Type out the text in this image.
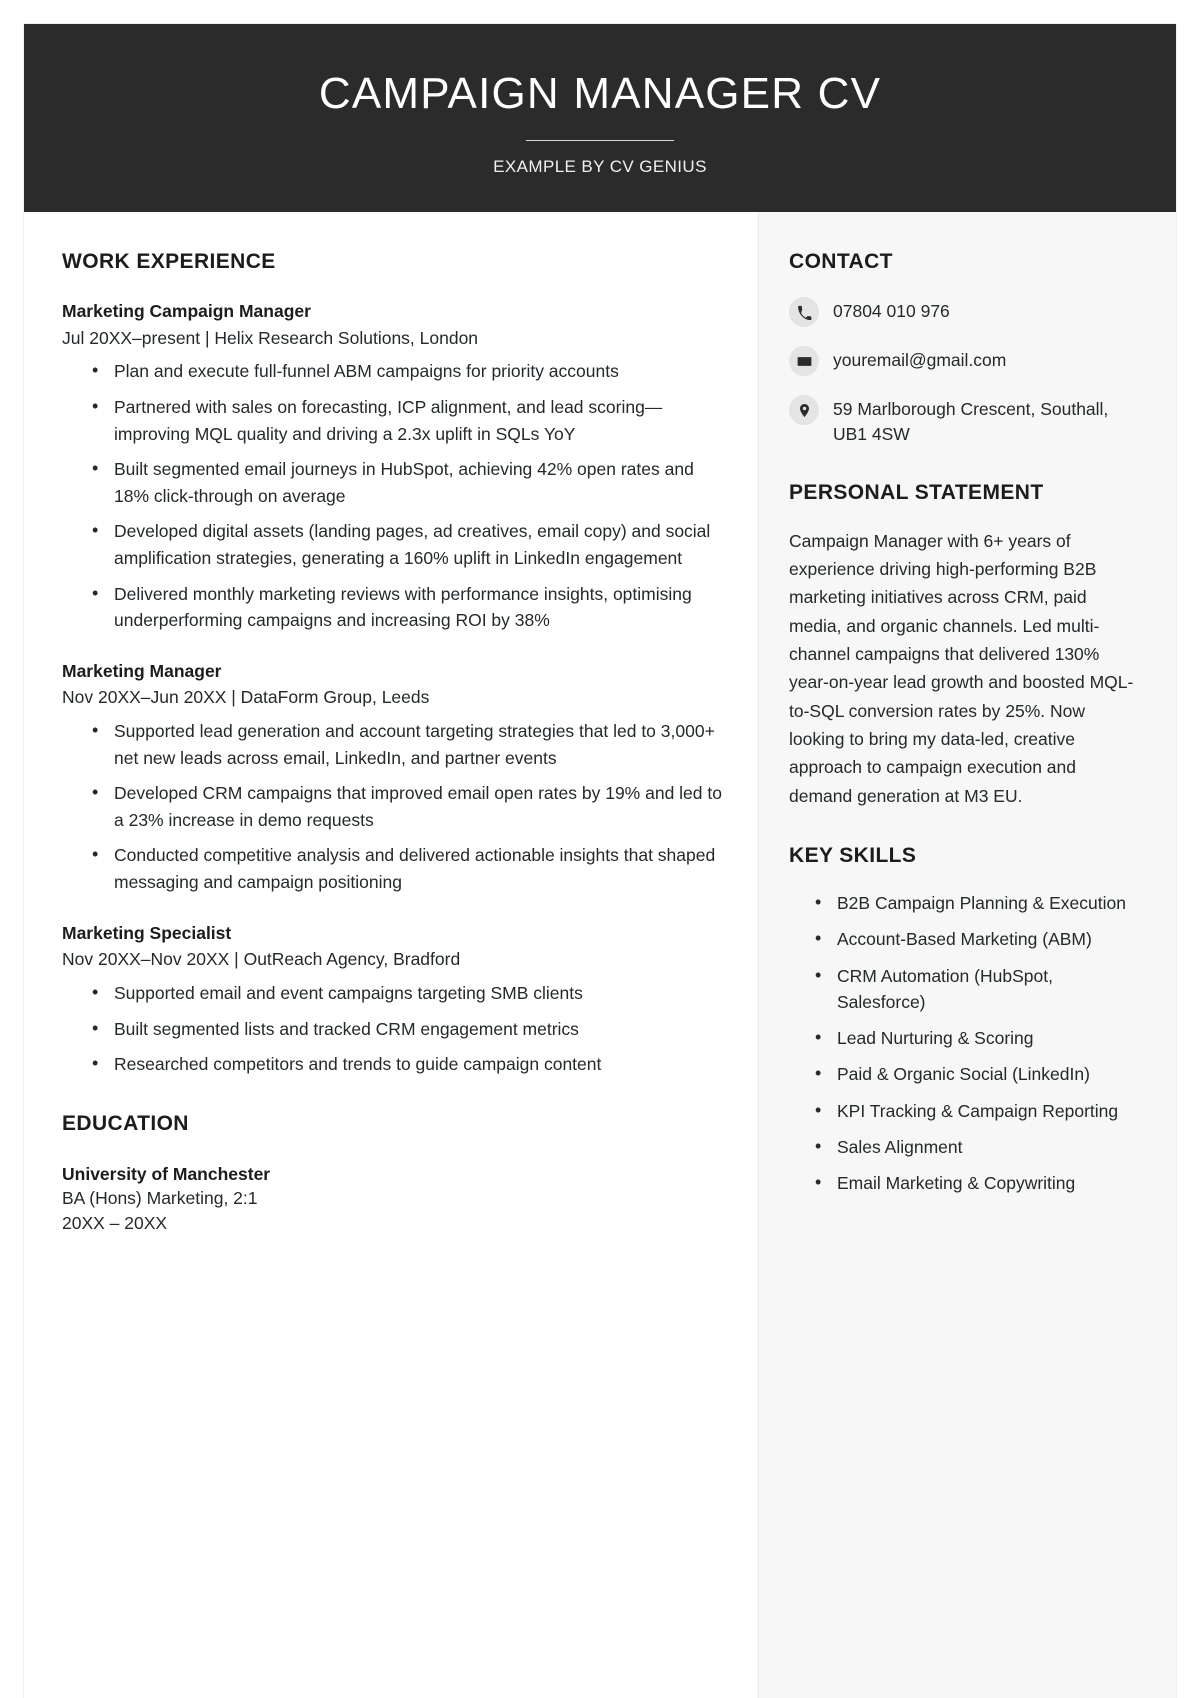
CAMPAIGN MANAGER CV
EXAMPLE BY CV GENIUS
WORK EXPERIENCE
Marketing Campaign Manager
Jul 20XX–present | Helix Research Solutions, London
• Plan and execute full-funnel ABM campaigns for priority accounts
• Partnered with sales on forecasting, ICP alignment, and lead scoring—improving MQL quality and driving a 2.3x uplift in SQLs YoY
• Built segmented email journeys in HubSpot, achieving 42% open rates and 18% click-through on average
• Developed digital assets (landing pages, ad creatives, email copy) and social amplification strategies, generating a 160% uplift in LinkedIn engagement
• Delivered monthly marketing reviews with performance insights, optimising underperforming campaigns and increasing ROI by 38%
Marketing Manager
Nov 20XX–Jun 20XX | DataForm Group, Leeds
• Supported lead generation and account targeting strategies that led to 3,000+ net new leads across email, LinkedIn, and partner events
• Developed CRM campaigns that improved email open rates by 19% and led to a 23% increase in demo requests
• Conducted competitive analysis and delivered actionable insights that shaped messaging and campaign positioning
Marketing Specialist
Nov 20XX–Nov 20XX | OutReach Agency, Bradford
• Supported email and event campaigns targeting SMB clients
• Built segmented lists and tracked CRM engagement metrics
• Researched competitors and trends to guide campaign content
EDUCATION
University of Manchester
BA (Hons) Marketing, 2:1
20XX – 20XX
CONTACT
07804 010 976
youremail@gmail.com
59 Marlborough Crescent, Southall, UB1 4SW
PERSONAL STATEMENT

Campaign Manager with 6+ years of experience driving high-performing B2B marketing initiatives across CRM, paid media, and organic channels. Led multi-channel campaigns that delivered 130% year-on-year lead growth and boosted MQL-to-SQL conversion rates by 25%. Now looking to bring my data-led, creative approach to campaign execution and demand generation at M3 EU.

KEY SKILLS
• B2B Campaign Planning & Execution
• Account-Based Marketing (ABM)
• CRM Automation (HubSpot, Salesforce)
• Lead Nurturing & Scoring
• Paid & Organic Social (LinkedIn)
• KPI Tracking & Campaign Reporting
• Sales Alignment
• Email Marketing & Copywriting
